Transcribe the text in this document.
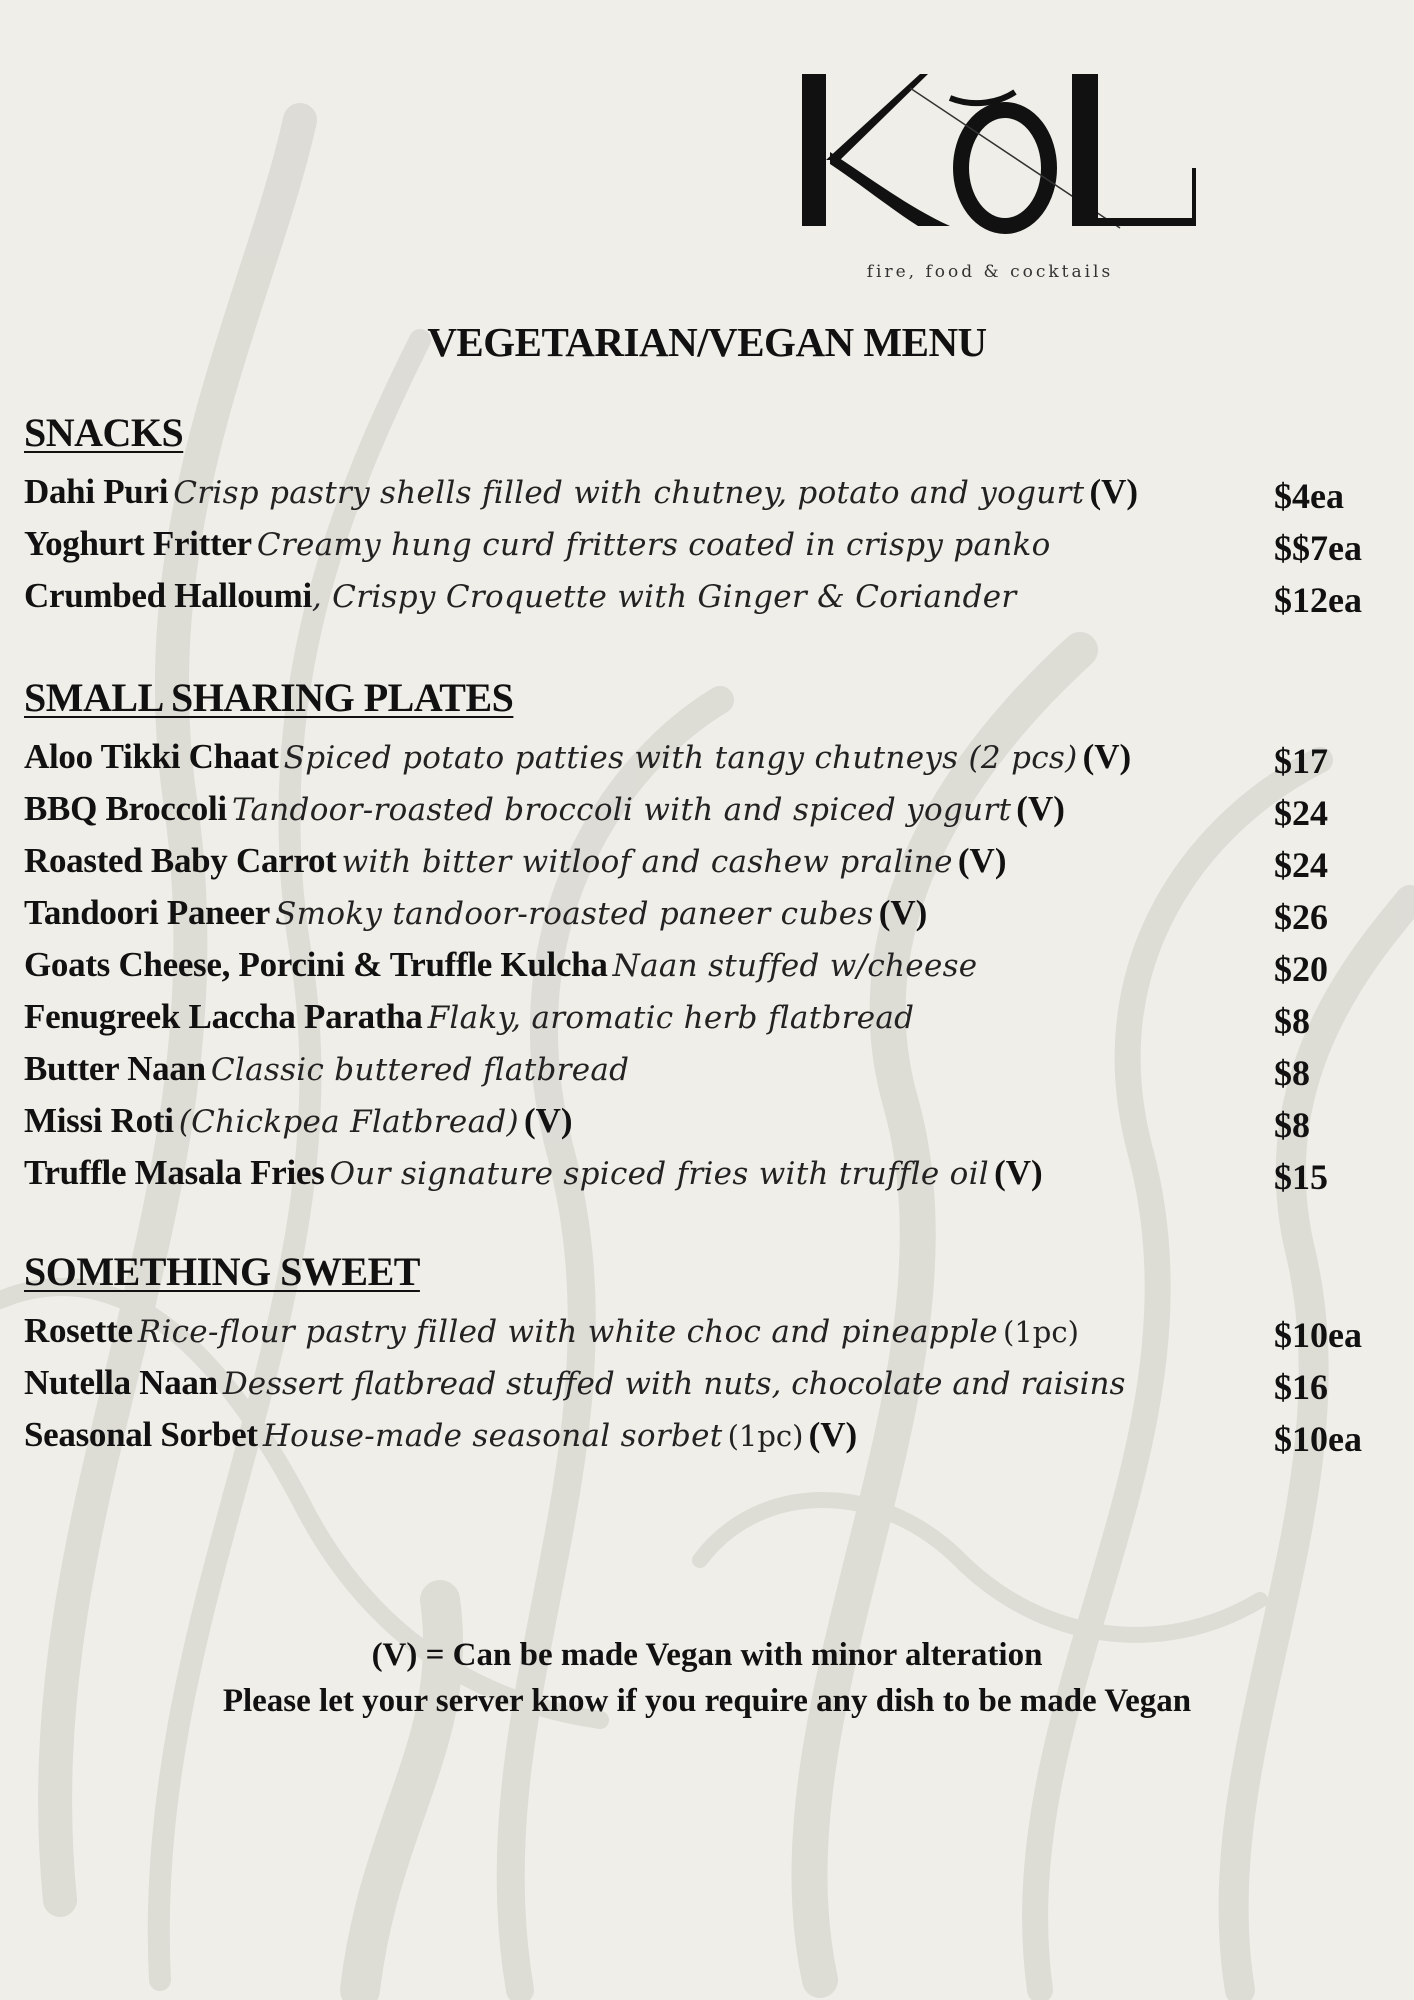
fire, food & cocktails
VEGETARIAN/VEGAN MENU
SNACKS
Dahi Puri Crisp pastry shells filled with chutney, potato and yogurt (V)	$4ea
Yoghurt Fritter Creamy hung curd fritters coated in crispy panko	$$7ea
Crumbed Halloumi, Crispy Croquette with Ginger & Coriander	$12ea
SMALL SHARING PLATES
Aloo Tikki Chaat Spiced potato patties with tangy chutneys (2 pcs) (V)	$17
BBQ Broccoli Tandoor-roasted broccoli with and spiced yogurt (V)	$24
Roasted Baby Carrot with bitter witloof and cashew praline (V)	$24
Tandoori Paneer Smoky tandoor-roasted paneer cubes (V)	$26
Goats Cheese, Porcini & Truffle Kulcha Naan stuffed w/cheese	$20
Fenugreek Laccha Paratha Flaky, aromatic herb flatbread	$8
Butter Naan Classic buttered flatbread	$8
Missi Roti (Chickpea Flatbread) (V)	$8
Truffle Masala Fries Our signature spiced fries with truffle oil (V)	$15
SOMETHING SWEET
Rosette Rice-flour pastry filled with white choc and pineapple (1pc)	$10ea
Nutella Naan Dessert flatbread stuffed with nuts, chocolate and raisins	$16
Seasonal Sorbet House-made seasonal sorbet (1pc) (V)	$10ea
(V) = Can be made Vegan with minor alteration
Please let your server know if you require any dish to be made Vegan
